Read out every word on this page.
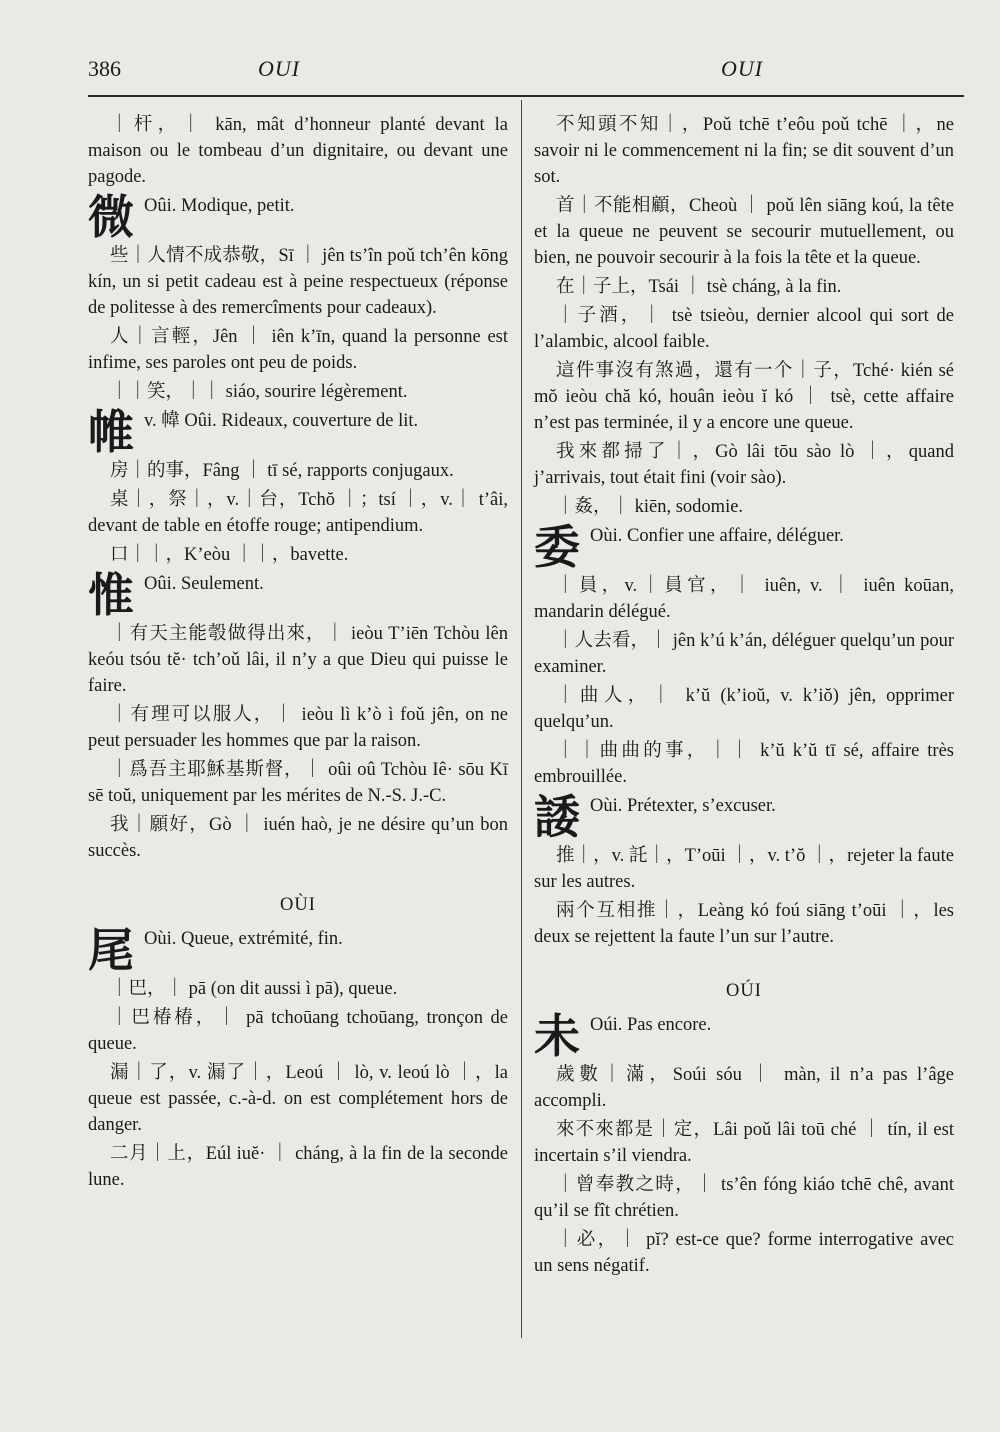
386	OUI	OUI

｜杆，｜ kān, mât d’honneur planté devant la maison ou le tombeau d’un dignitaire, ou devant une pagode.

微 Oûi. Modique, petit.

些｜人情不成恭敬，Sī ｜ jên ts’în poǔ tch’ên kōng kín, un si petit cadeau est à peine respectueux (réponse de politesse à des remercîments pour cadeaux).

人｜言輕，Jên ｜ iên k’īn, quand la personne est infime, ses paroles ont peu de poids.

｜｜笑，｜｜ siáo, sourire légèrement.

帷v. 幃 Oûi. Rideaux, couverture de lit.

房｜的事，Fâng ｜ tī sé, rapports conjugaux.

桌｜，祭｜，v.｜台，Tchŏ ｜；tsí ｜，v.｜ t’âi, devant de table en étoffe rouge; antipendium.

口｜｜，K’eòu ｜｜，bavette.

惟 Oûi. Seulement.

｜有天主能彀做得出來，｜ ieòu T’iēn Tchòu lên keóu tsóu tĕ· tch’oǔ lâi, il n’y a que Dieu qui puisse le faire.

｜有理可以服人，｜ ieòu lì k’ò ì foǔ jên, on ne peut persuader les hommes que par la raison.

｜爲吾主耶穌基斯督，｜ oûi oû Tchòu Iê· sōu Kī sē toŭ, uniquement par les mérites de N.-S. J.-C.

我｜願好，Gò ｜ iuén haò, je ne désire qu’un bon succès.

OÙI
尾 Oùi. Queue, extrémité, fin.

｜巴，｜ pā (on dit aussi ì pā), queue.

｜巴椿椿，｜ pā tchoūang tchoūang, tronçon de queue.

漏｜了，v. 漏了｜，Leoú ｜ lò, v. leoú lò ｜，la queue est passée, c.-à-d. on est complétement hors de danger.

二月｜上，Eúl iuĕ· ｜ cháng, à la fin de la seconde lune.

不知頭不知｜，Poǔ tchē t’eôu poǔ tchē ｜，ne savoir ni le commencement ni la fin; se dit souvent d’un sot.

首｜不能相顧，Cheoù ｜ poǔ lên siāng koú, la tête et la queue ne peuvent se secourir mutuellement, ou bien, ne pouvoir secourir à la fois la tête et la queue.

在｜子上，Tsái ｜ tsè cháng, à la fin.

｜子酒，｜ tsè tsieòu, dernier alcool qui sort de l’alambic, alcool faible.

這件事沒有煞過，還有一个｜子，Tché· kién sé mŏ ieòu chă kó, houân ieòu ĭ kó ｜ tsè, cette affaire n’est pas terminée, il y a encore une queue.

我來都掃了｜，Gò lâi tōu sào lò ｜，quand j’arrivais, tout était fini (voir sào).

｜姦，｜ kiēn, sodomie.

委 Oùi. Confier une affaire, déléguer.

｜員，v.｜員官，｜ iuên, v. ｜ iuên koūan, mandarin délégué.

｜人去看，｜ jên k’ú k’án, déléguer quelqu’un pour examiner.

｜曲人，｜ k’ŭ (k’ioŭ, v. k’iŏ) jên, opprimer quelqu’un.

｜｜曲曲的事，｜｜ k’ŭ k’ŭ tī sé, affaire très embrouillée.

諉 Oùi. Prétexter, s’excuser.

推｜，v. 託｜，T’oūi ｜，v. t’ŏ ｜，rejeter la faute sur les autres.

兩个互相推｜，Leàng kó foú siāng t’oūi ｜，les deux se rejettent la faute l’un sur l’autre.

OÚI
未 Oúi. Pas encore.

歲數｜滿，Soúi sóu ｜ màn, il n’a pas l’âge accompli.

來不來都是｜定，Lâi poǔ lâi toū ché ｜ tín, il est incertain s’il viendra.

｜曾奉教之時，｜ ts’ên fóng kiáo tchē chê, avant qu’il se fît chrétien.

｜必，｜ pĭ? est-ce que? forme interrogative avec un sens négatif.
